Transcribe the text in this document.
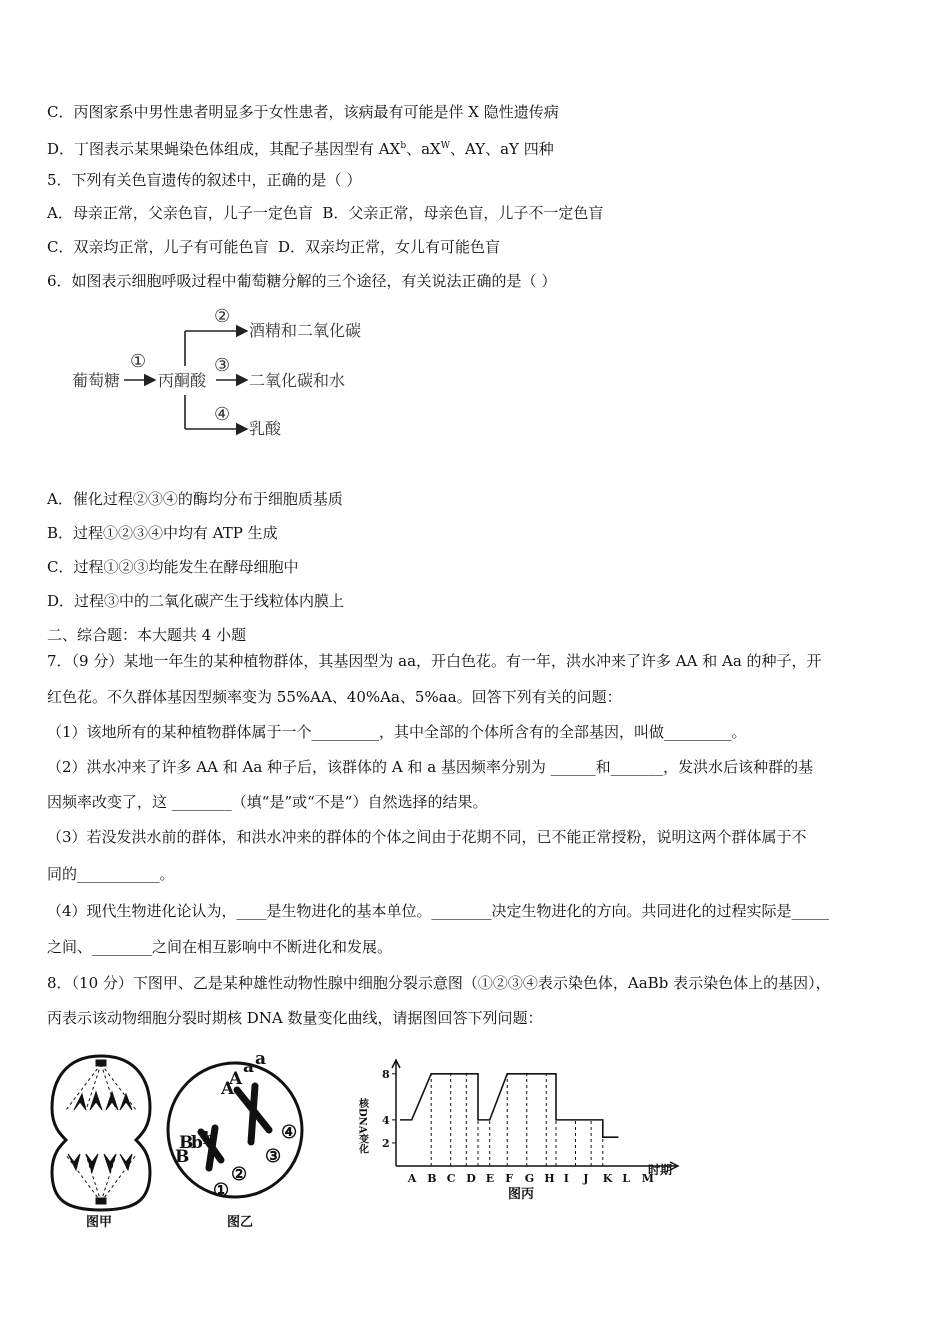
C．丙图家系中男性患者明显多于女性患者，该病最有可能是伴 X 隐性遗传病
D．丁图表示某果蝇染色体组成，其配子基因型有 $AX^b$、$aX^W$、AY、aY 四种
5．下列有关色盲遗传的叙述中，正确的是（ ）
A．母亲正常，父亲色盲，儿子一定色盲 B．父亲正常，母亲色盲，儿子不一定色盲
C．双亲均正常，儿子有可能色盲 D．双亲均正常，女儿有可能色盲
6．如图表示细胞呼吸过程中葡萄糖分解的三个途径，有关说法正确的是（ ）
葡萄糖 丙酮酸
①
②
③
④
酒精和二氧化碳
二氧化碳和水
乳酸
A．催化过程②③④的酶均分布于细胞质基质
B．过程①②③④中均有 ATP 生成
C．过程①②③均能发生在酵母细胞中
D．过程③中的二氧化碳产生于线粒体内膜上
二、综合题：本大题共 4 小题
7．（9 分）某地一年生的某种植物群体，其基因型为 aa，开白色花。有一年，洪水冲来了许多 AA 和 Aa 的种子，开
红色花。不久群体基因型频率变为 55%AA、40%Aa、5%aa。回答下列有关的问题：
（1）该地所有的某种植物群体属于一个_________，其中全部的个体所含有的全部基因，叫做_________。
（2）洪水冲来了许多 AA 和 Aa 种子后，该群体的 A 和 a 基因频率分别为 ______和_______，发洪水后该种群的基
因频率改变了，这 ________（填“是”或“不是”）自然选择的结果。
（3）若没发洪水前的群体，和洪水冲来的群体的个体之间由于花期不同，已不能正常授粉，说明这两个群体属于不
同的___________。
（4）现代生物进化论认为，____是生物进化的基本单位。________决定生物进化的方向。共同进化的过程实际是_____
之间、________之间在相互影响中不断进化和发展。
8．（10 分）下图甲、乙是某种雄性动物性腺中细胞分裂示意图（①②③④表示染色体，AaBb 表示染色体上的基因），
丙表示该动物细胞分裂时期核 DNA 数量变化曲线，请据图回答下列问题：
图甲
A
A
a a
B
b b
B
④
③
②
①
图乙
核DNA变化
时期
图丙
2
4
8
A B C D E F G H I J K L M
